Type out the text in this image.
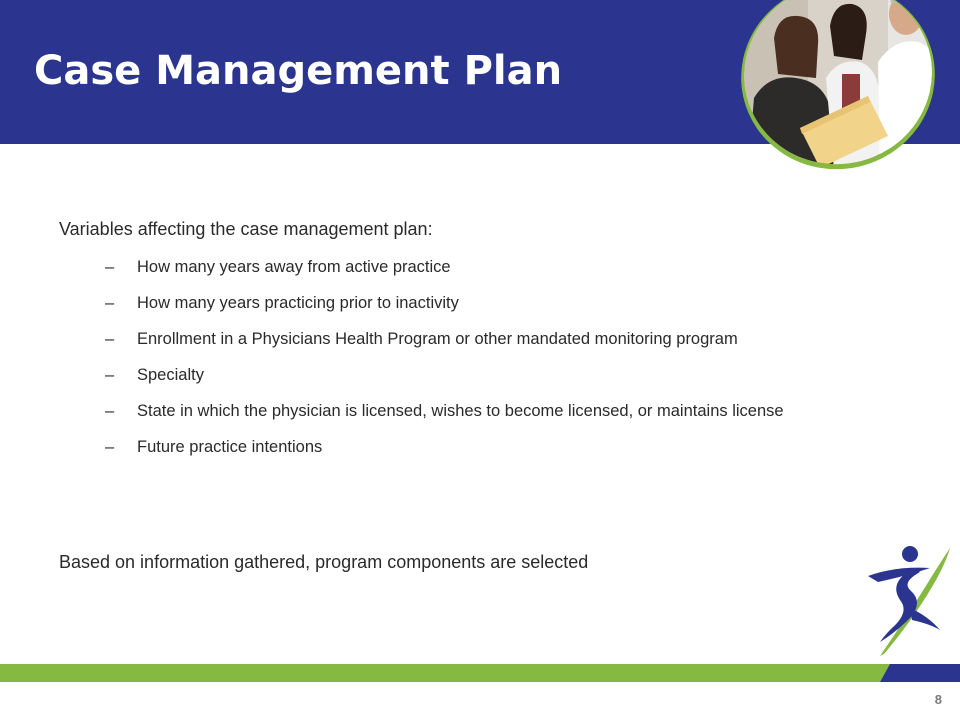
Case Management Plan
Variables affecting the case management plan:
– How many years away from active practice
– How many years practicing prior to inactivity
– Enrollment in a Physicians Health Program or other mandated monitoring program
– Specialty
– State in which the physician is licensed, wishes to become licensed, or maintains license
– Future practice intentions
Based on information gathered, program components are selected
8
